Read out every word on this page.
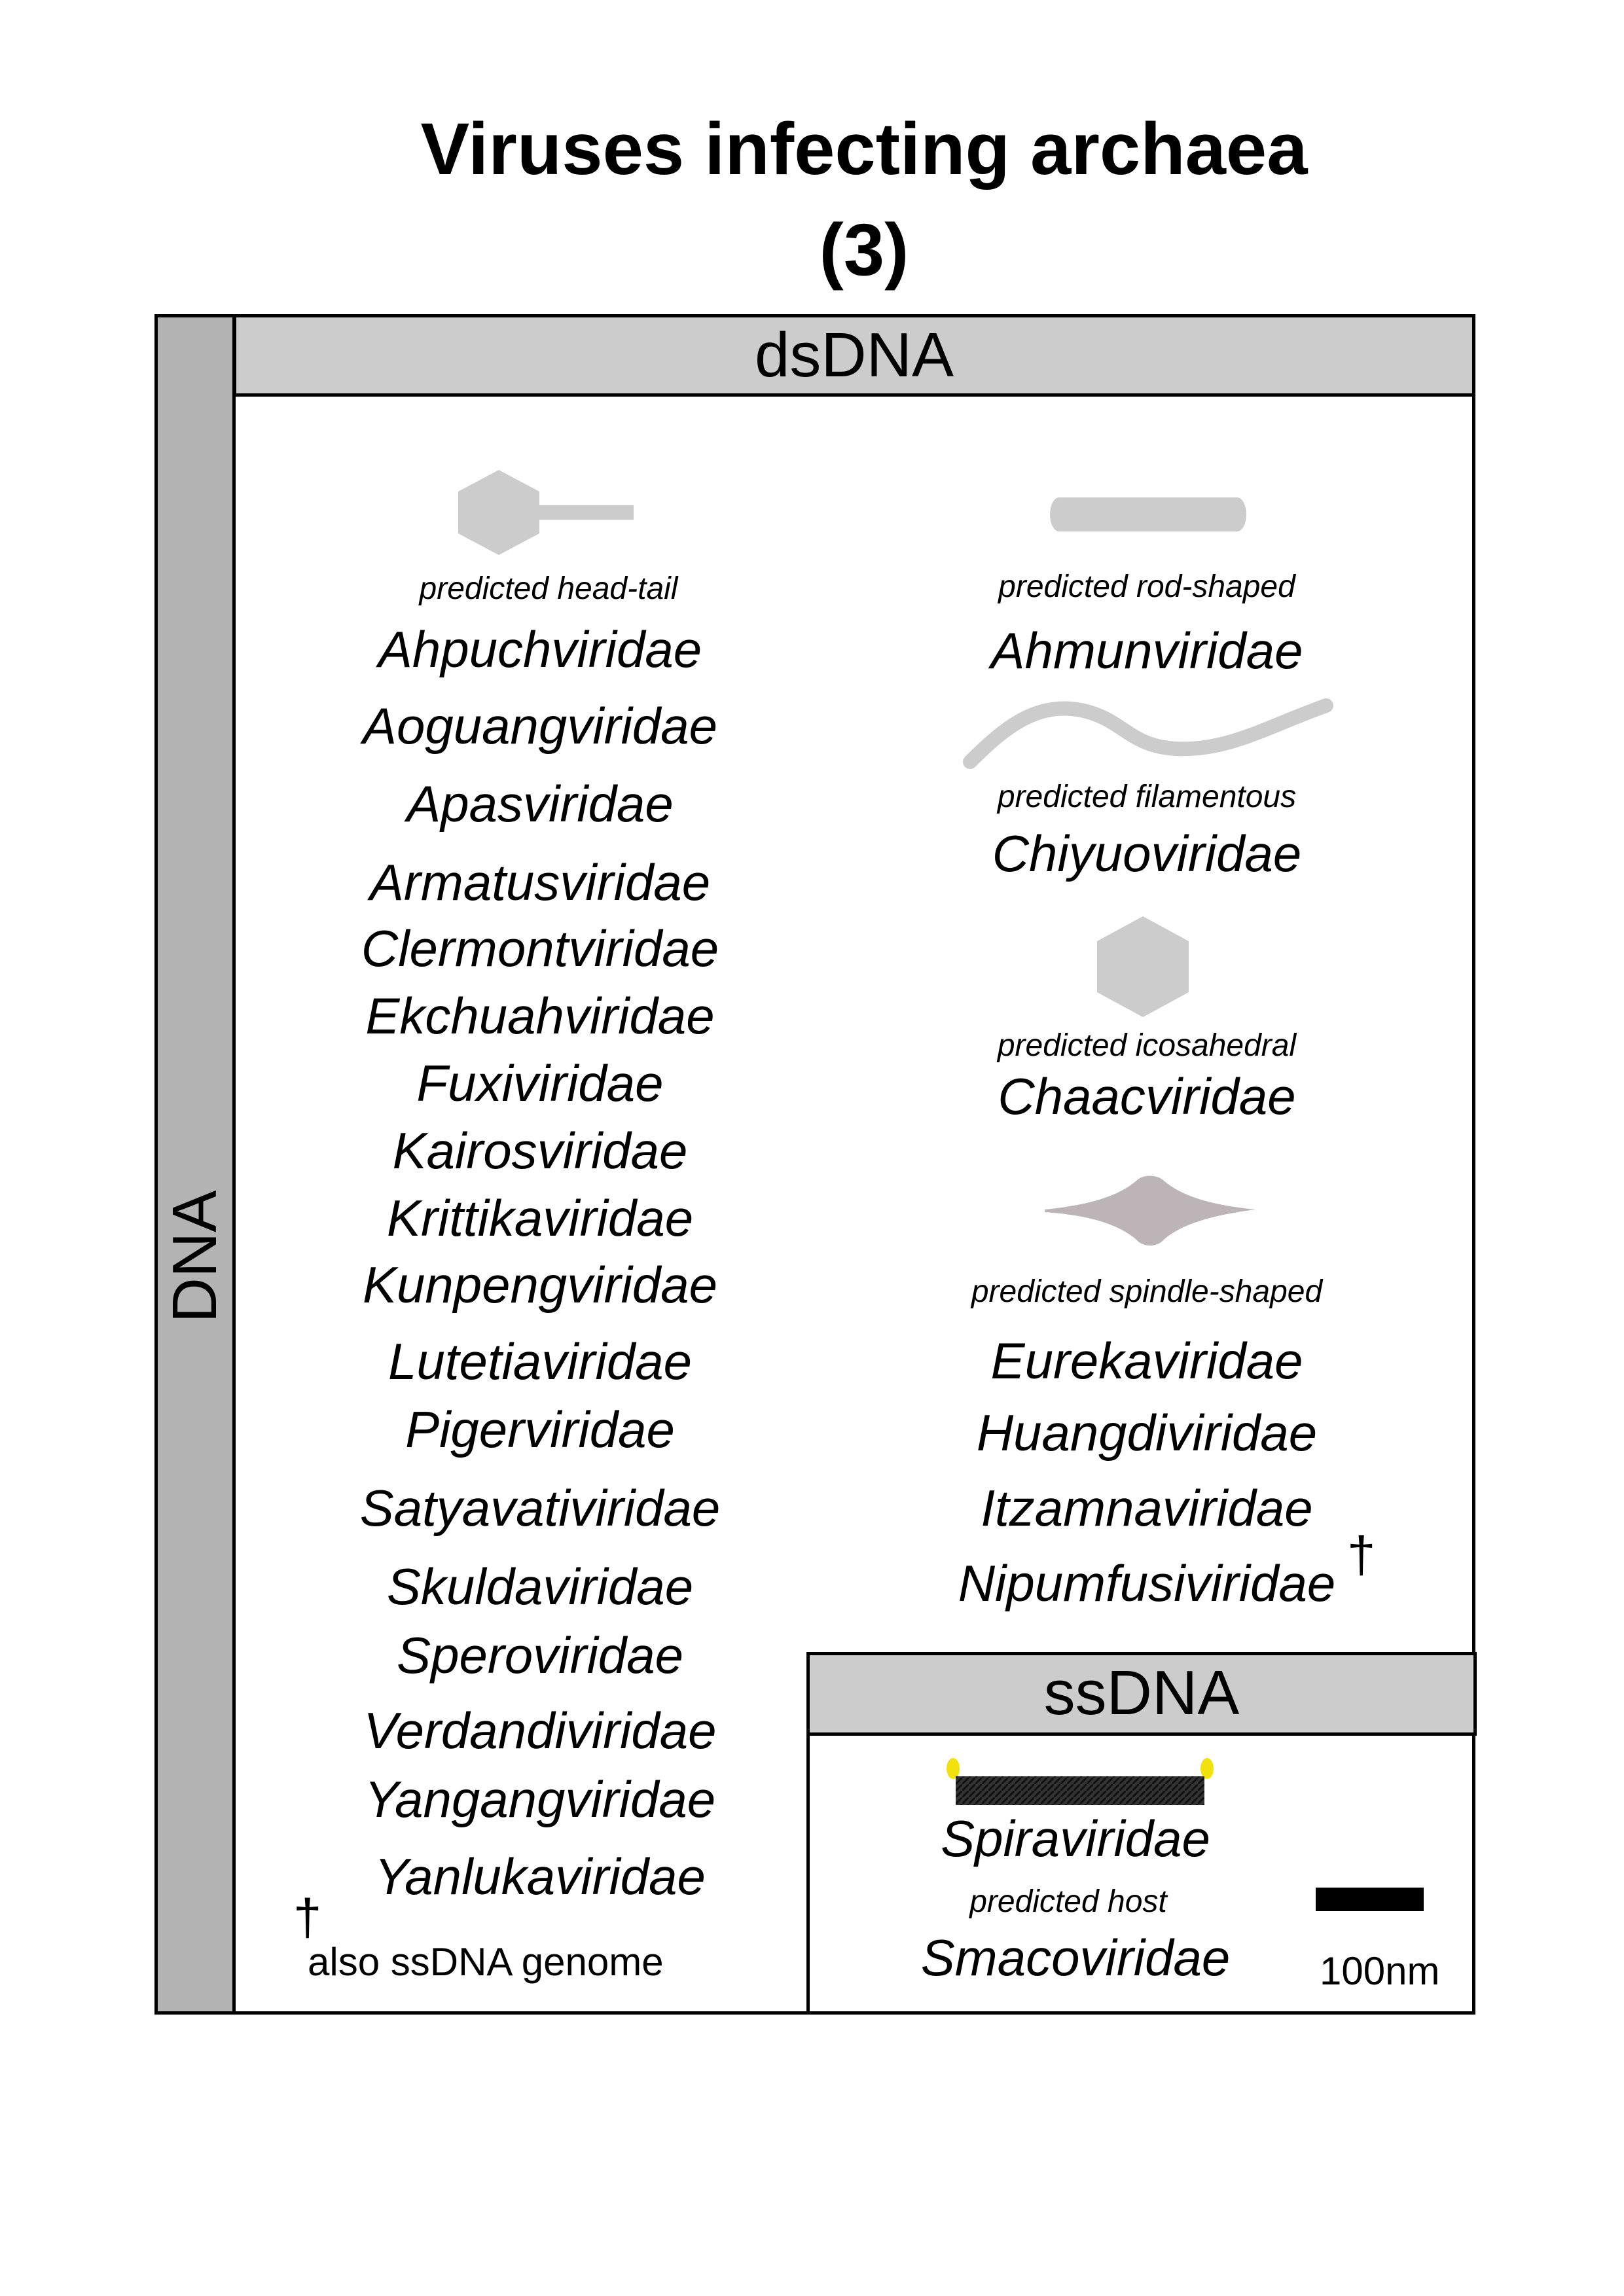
Viruses infecting archaea
(3)
DNA
dsDNA
ssDNA
predicted head-tail
Ahpuchviridae
Aoguangviridae
Apasviridae
Armatusviridae
Clermontviridae
Ekchuahviridae
Fuxiviridae
Kairosviridae
Krittikaviridae
Kunpengviridae
Lutetiaviridae
Pigerviridae
Satyavativiridae
Skuldaviridae
Speroviridae
Verdandiviridae
Yangangviridae
Yanlukaviridae
†
also ssDNA genome
predicted rod-shaped
Ahmunviridae
predicted filamentous
Chiyuoviridae
predicted icosahedral
Chaacviridae
predicted spindle-shaped
Eurekaviridae
Huangdiviridae
Itzamnaviridae
Nipumfusiviridae †
Spiraviridae
predicted host
Smacoviridae 100nm
